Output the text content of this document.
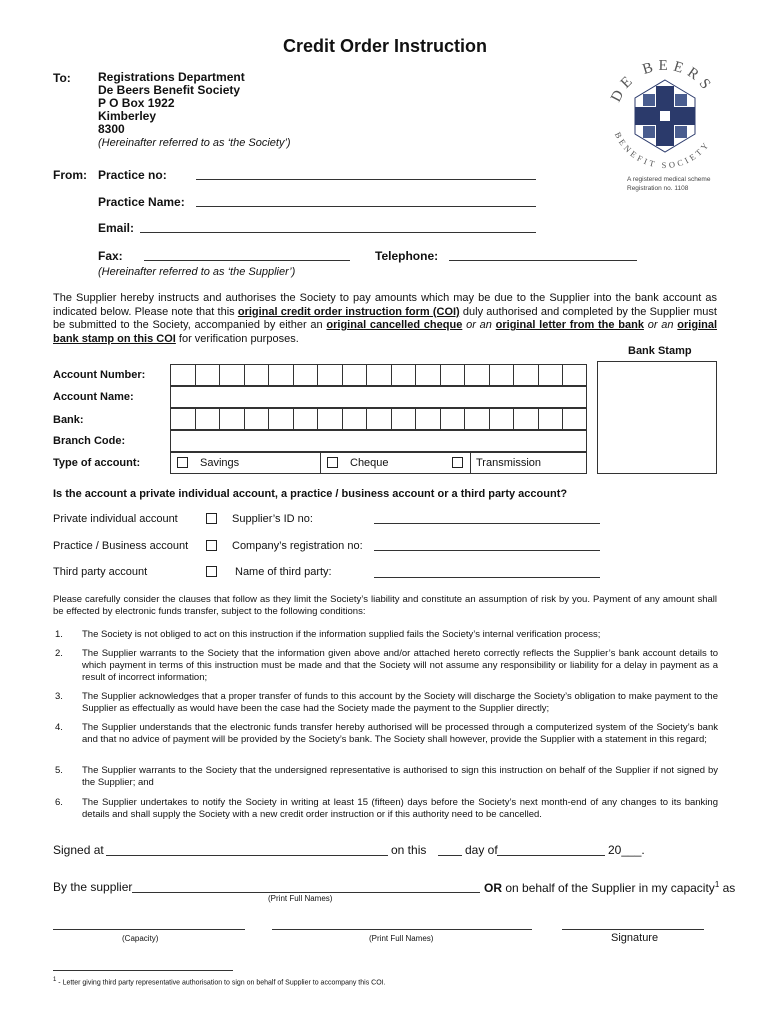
Credit Order Instruction
DE BEERS
BENEFIT SOCIETY
A registered medical scheme
Registration no. 1108
To: Registrations Department
De Beers Benefit Society
P O Box 1922
Kimberley
8300
(Hereinafter referred to as ‘the Society’)
From: Practice no:
Practice Name:
Email:
Fax:	Telephone:
(Hereinafter referred to as ‘the Supplier’)
The Supplier hereby instructs and authorises the Society to pay amounts which may be due to the Supplier into the bank account as indicated below. Please note that this original credit order instruction form (COI) duly authorised and completed by the Supplier must be submitted to the Society, accompanied by either an original cancelled cheque or an original letter from the bank or an original bank stamp on this COI for verification purposes.
Bank Stamp
Account Number:
Account Name:
Bank:
Branch Code:
Type of account:	Savings	Cheque	Transmission
Is the account a private individual account, a practice / business account or a third party account?
Private individual account	Supplier’s ID no:
Practice / Business account	Company’s registration no:
Third party account	Name of third party:
Please carefully consider the clauses that follow as they limit the Society’s liability and constitute an assumption of risk by you. Payment of any amount shall be effected by electronic funds transfer, subject to the following conditions:
1. The Society is not obliged to act on this instruction if the information supplied fails the Society’s internal verification process;
2. The Supplier warrants to the Society that the information given above and/or attached hereto correctly reflects the Supplier’s bank account details to which payment in terms of this instruction must be made and that the Society will not assume any responsibility or liability for a delay in payment as a result of incorrect information;
3. The Supplier acknowledges that a proper transfer of funds to this account by the Society will discharge the Society’s obligation to make payment to the Supplier as effectually as would have been the case had the Society made the payment to the Supplier directly;
4. The Supplier understands that the electronic funds transfer hereby authorised will be processed through a computerized system of the Society’s bank and that no advice of payment will be provided by the Society’s bank. The Society shall however, provide the Supplier with a statement in this regard;
5. The Supplier warrants to the Society that the undersigned representative is authorised to sign this instruction on behalf of the Supplier if not signed by the Supplier; and
6. The Supplier undertakes to notify the Society in writing at least 15 (fifteen) days before the Society’s next month-end of any changes to its banking details and shall supply the Society with a new credit order instruction or if this authority need to be cancelled.
Signed at	on this	day of	20___.
By the supplier	OR on behalf of the Supplier in my capacity$^1$ as
(Print Full Names)
(Capacity)	(Print Full Names)	Signature
$^1$ - Letter giving third party representative authorisation to sign on behalf of Supplier to accompany this COI.
